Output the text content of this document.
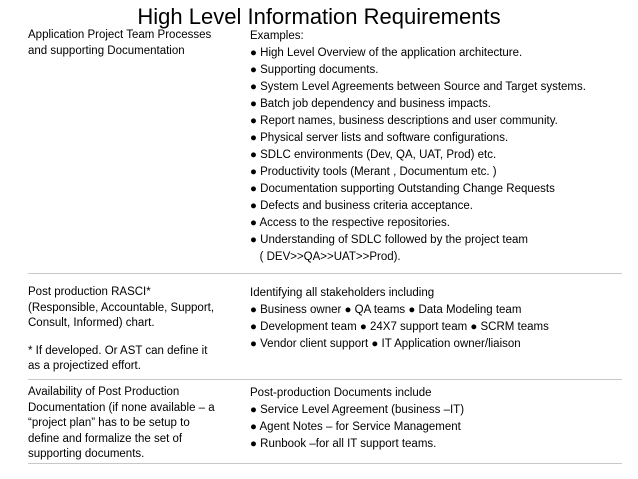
High Level Information Requirements
Application Project Team Processes
and supporting Documentation
Examples:
● High Level Overview of the application architecture.
● Supporting documents.
● System Level Agreements between Source and Target systems.
● Batch job dependency and business impacts.
● Report names, business descriptions and user community.
● Physical server lists and software configurations.
● SDLC environments (Dev, QA, UAT, Prod) etc.
● Productivity tools (Merant , Documentum etc. )
● Documentation supporting Outstanding Change Requests
● Defects and business criteria acceptance.
● Access to the respective repositories.
● Understanding of SDLC followed by the project team
( DEV>>QA>>UAT>>Prod).
Post production RASCI*
(Responsible, Accountable, Support,
Consult, Informed) chart.
* If developed. Or AST can define it
as a projectized effort.
Identifying all stakeholders including
● Business owner ● QA teams ● Data Modeling team
● Development team ● 24X7 support team ● SCRM teams
● Vendor client support ● IT Application owner/liaison
Availability of Post Production
Documentation (if none available – a
“project plan” has to be setup to
define and formalize the set of
supporting documents.
Post-production Documents include
● Service Level Agreement (business –IT)
● Agent Notes – for Service Management
● Runbook –for all IT support teams.
